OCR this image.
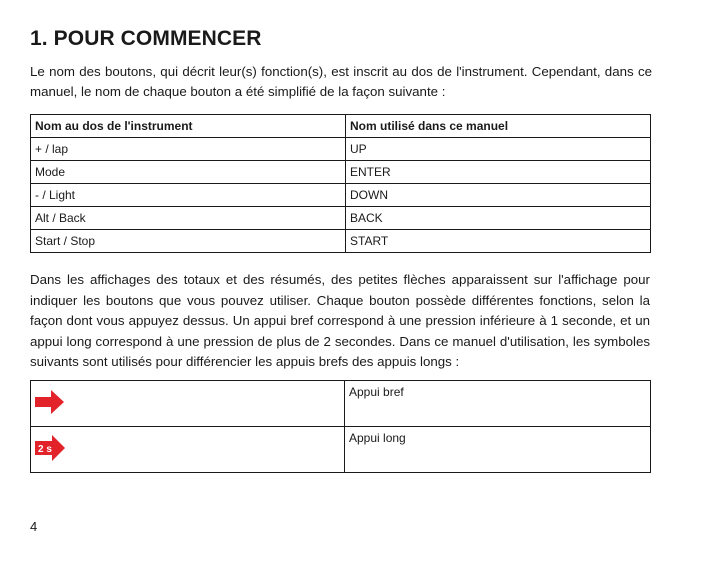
1. POUR COMMENCER

Le nom des boutons, qui décrit leur(s) fonction(s), est inscrit au dos de l'instrument. Cependant, dans ce manuel, le nom de chaque bouton a été simplifié de la façon suivante :

Nom au dos de l'instrument	Nom utilisé dans ce manuel
+ / lap	UP
Mode	ENTER
- / Light	DOWN
Alt / Back	BACK
Start / Stop	START

Dans les affichages des totaux et des résumés, des petites flèches apparaissent sur l'affichage pour indiquer les boutons que vous pouvez utiliser. Chaque bouton possède différentes fonctions, selon la façon dont vous appuyez dessus. Un appui bref correspond à une pression inférieure à 1 seconde, et un appui long correspond à une pression de plus de 2 secondes. Dans ce manuel d'utilisation, les symboles suivants sont utilisés pour différencier les appuis brefs des appuis longs :

	Appui bref

2 s	Appui long
4
